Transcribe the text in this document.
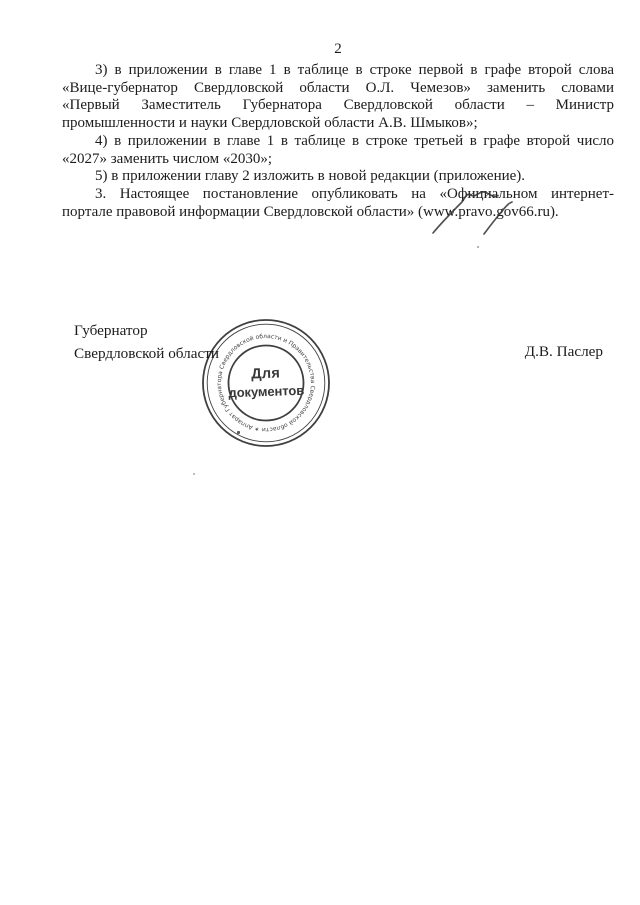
2
3) в приложении в главе 1 в таблице в строке первой в графе второй слова
«Вице-губернатор Свердловской области О.Л. Чемезов» заменить словами
«Первый Заместитель Губернатора Свердловской области – Министр
промышленности и науки Свердловской области А.В. Шмыков»;
4) в приложении в главе 1 в таблице в строке третьей в графе второй число
«2027» заменить числом «2030»;
5) в приложении главу 2 изложить в новой редакции (приложение).
3. Настоящее постановление опубликовать на «Официальном интернет-
портале правовой информации Свердловской области» (www.pravo.gov66.ru).
Губернатор
Свердловской области	Д.В. Паслер
✶ Аппарат Губернатора Свердловской области и Правительства Свердловской области
Для
документов
